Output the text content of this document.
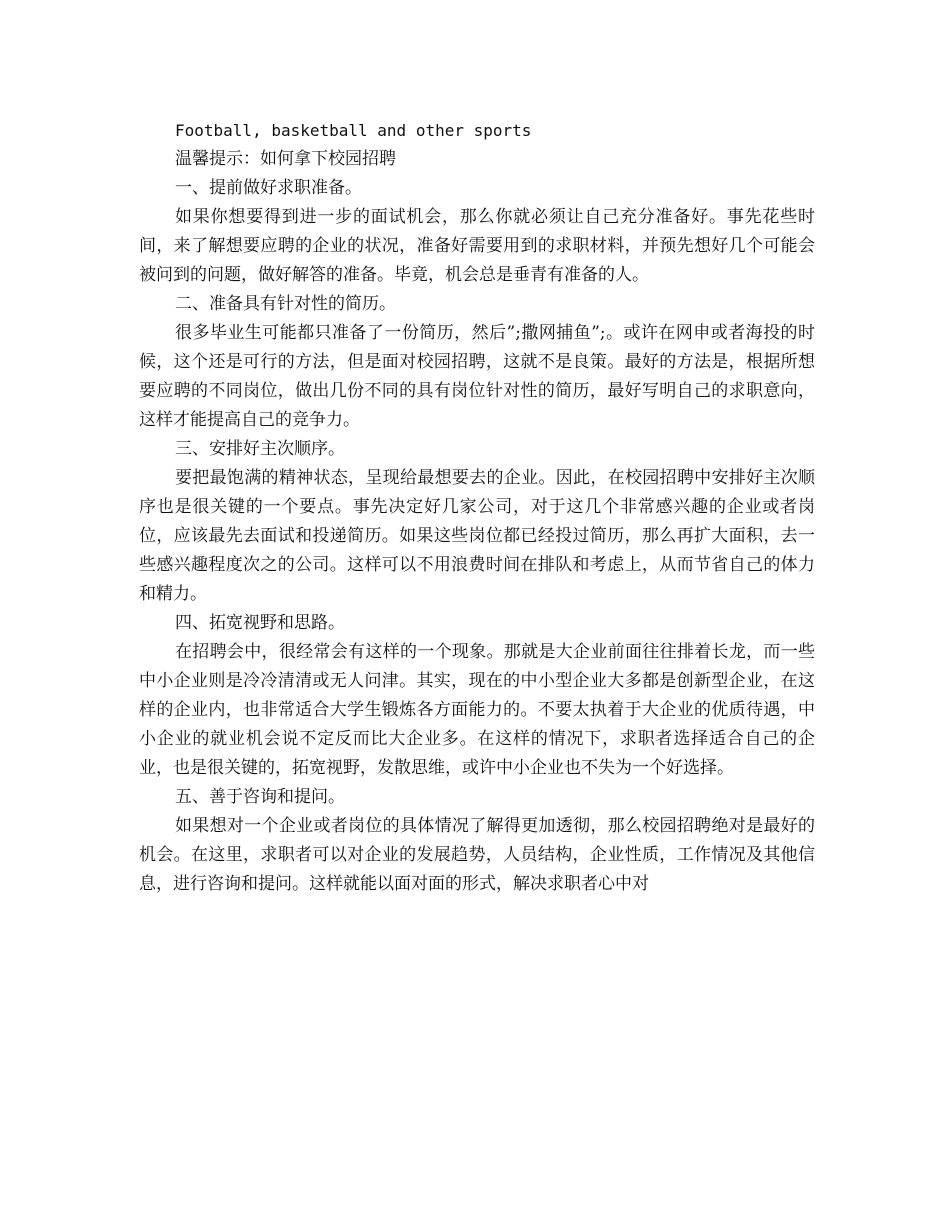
Football, basketball and other sports
温馨提示：如何拿下校园招聘
一、提前做好求职准备。

如果你想要得到进一步的面试机会，那么你就必须让自己充分准备好。事先花些时间，来了解想要应聘的企业的状况，准备好需要用到的求职材料，并预先想好几个可能会被问到的问题，做好解答的准备。毕竟，机会总是垂青有准备的人。

二、准备具有针对性的简历。

很多毕业生可能都只准备了一份简历，然后”;撒网捕鱼”;。或许在网申或者海投的时候，这个还是可行的方法，但是面对校园招聘，这就不是良策。最好的方法是，根据所想要应聘的不同岗位，做出几份不同的具有岗位针对性的简历，最好写明自己的求职意向，这样才能提高自己的竞争力。

三、安排好主次顺序。

要把最饱满的精神状态，呈现给最想要去的企业。因此，在校园招聘中安排好主次顺序也是很关键的一个要点。事先决定好几家公司，对于这几个非常感兴趣的企业或者岗位，应该最先去面试和投递简历。如果这些岗位都已经投过简历，那么再扩大面积，去一些感兴趣程度次之的公司。这样可以不用浪费时间在排队和考虑上，从而节省自己的体力和精力。

四、拓宽视野和思路。

在招聘会中，很经常会有这样的一个现象。那就是大企业前面往往排着长龙，而一些中小企业则是冷冷清清或无人问津。其实，现在的中小型企业大多都是创新型企业，在这样的企业内，也非常适合大学生锻炼各方面能力的。不要太执着于大企业的优质待遇，中小企业的就业机会说不定反而比大企业多。在这样的情况下，求职者选择适合自己的企业，也是很关键的，拓宽视野，发散思维，或许中小企业也不失为一个好选择。

五、善于咨询和提问。

如果想对一个企业或者岗位的具体情况了解得更加透彻，那么校园招聘绝对是最好的机会。在这里，求职者可以对企业的发展趋势，人员结构，企业性质，工作情况及其他信息，进行咨询和提问。这样就能以面对面的形式，解决求职者心中对
